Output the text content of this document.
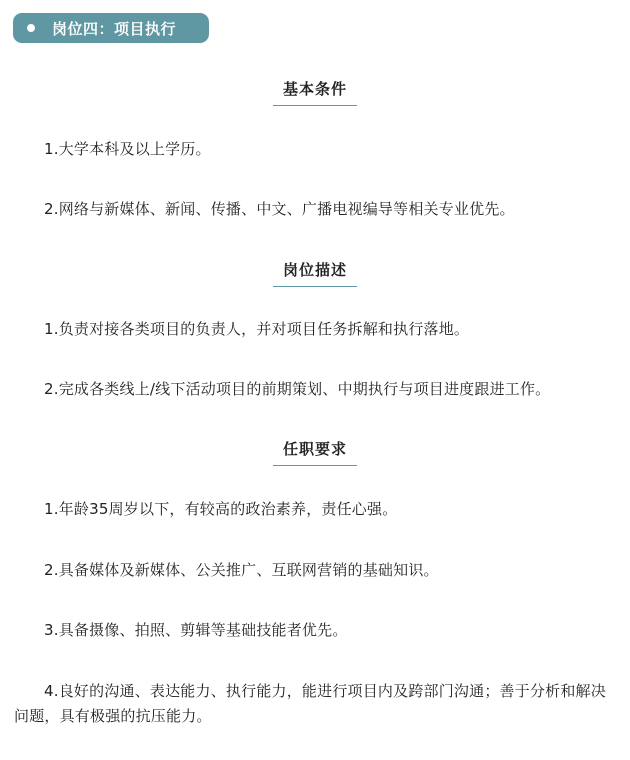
岗位四：项目执行
基本条件

1.大学本科及以上学历。

2.网络与新媒体、新闻、传播、中文、广播电视编导等相关专业优先。

岗位描述

1.负责对接各类项目的负责人，并对项目任务拆解和执行落地。

2.完成各类线上/线下活动项目的前期策划、中期执行与项目进度跟进工作。

任职要求

1.年龄35周岁以下，有较高的政治素养，责任心强。

2.具备媒体及新媒体、公关推广、互联网营销的基础知识。

3.具备摄像、拍照、剪辑等基础技能者优先。

4.良好的沟通、表达能力、执行能力，能进行项目内及跨部门沟通；善于分析和解决问题，具有极强的抗压能力。
